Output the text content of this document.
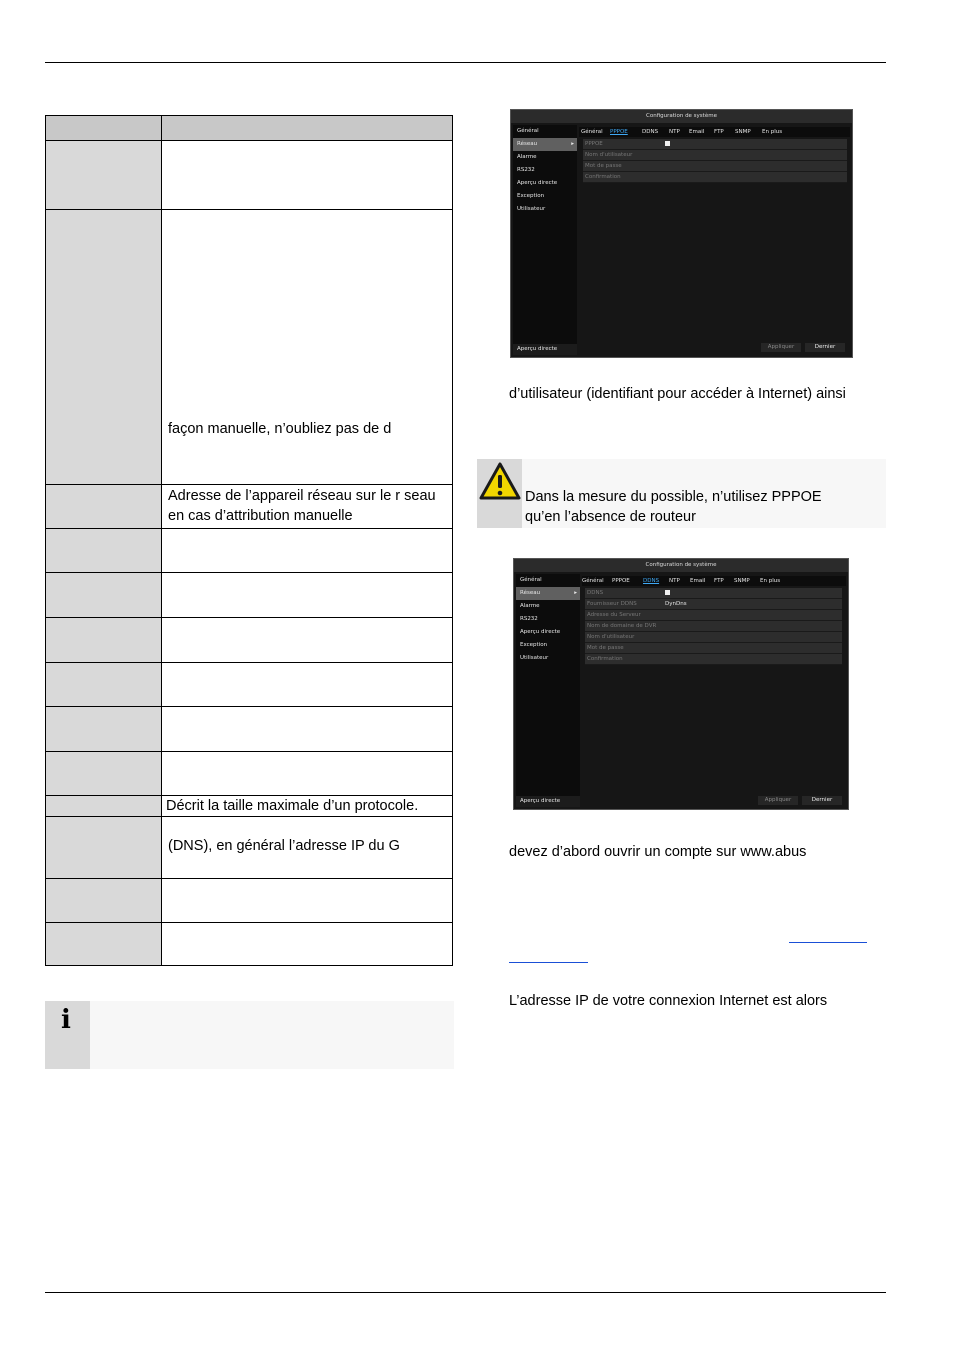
	façon manuelle, n’oubliez pas de d

	Adresse de l’appareil réseau sur le r seau en cas d’attribution manuelle

	Décrit la taille maximale d’un protocole.

	(DNS), en général l’adresse IP du G

i
Configuration de système
Général
Réseau	▸
Alarme
RS232
Aperçu directe
Exception
Utilisateur
Aperçu directe
Général PPPOE	DDNS NTP Email FTP SNMP En plus
PPPOE
Nom d'utilisateur
Mot de passe
Confirmation
Appliquer	Dernier
d’utilisateur (identifiant pour accéder à Internet) ainsi
Dans la mesure du possible, n’utilisez PPPOE
qu’en l’absence de routeur
Configuration de système
Général
Réseau	▸
Alarme
RS232
Aperçu directe
Exception
Utilisateur
Aperçu directe
Général PPPOE DDNS NTP Email FTP SNMP En plus
DDNS
Fournisseur DDNS	DynDns
Adresse du Serveur
Nom de domaine de DVR
Nom d'utilisateur
Mot de passe
Confirmation
Appliquer	Dernier
devez d’abord ouvrir un compte sur www.abus
L’adresse IP de votre connexion Internet est alors
